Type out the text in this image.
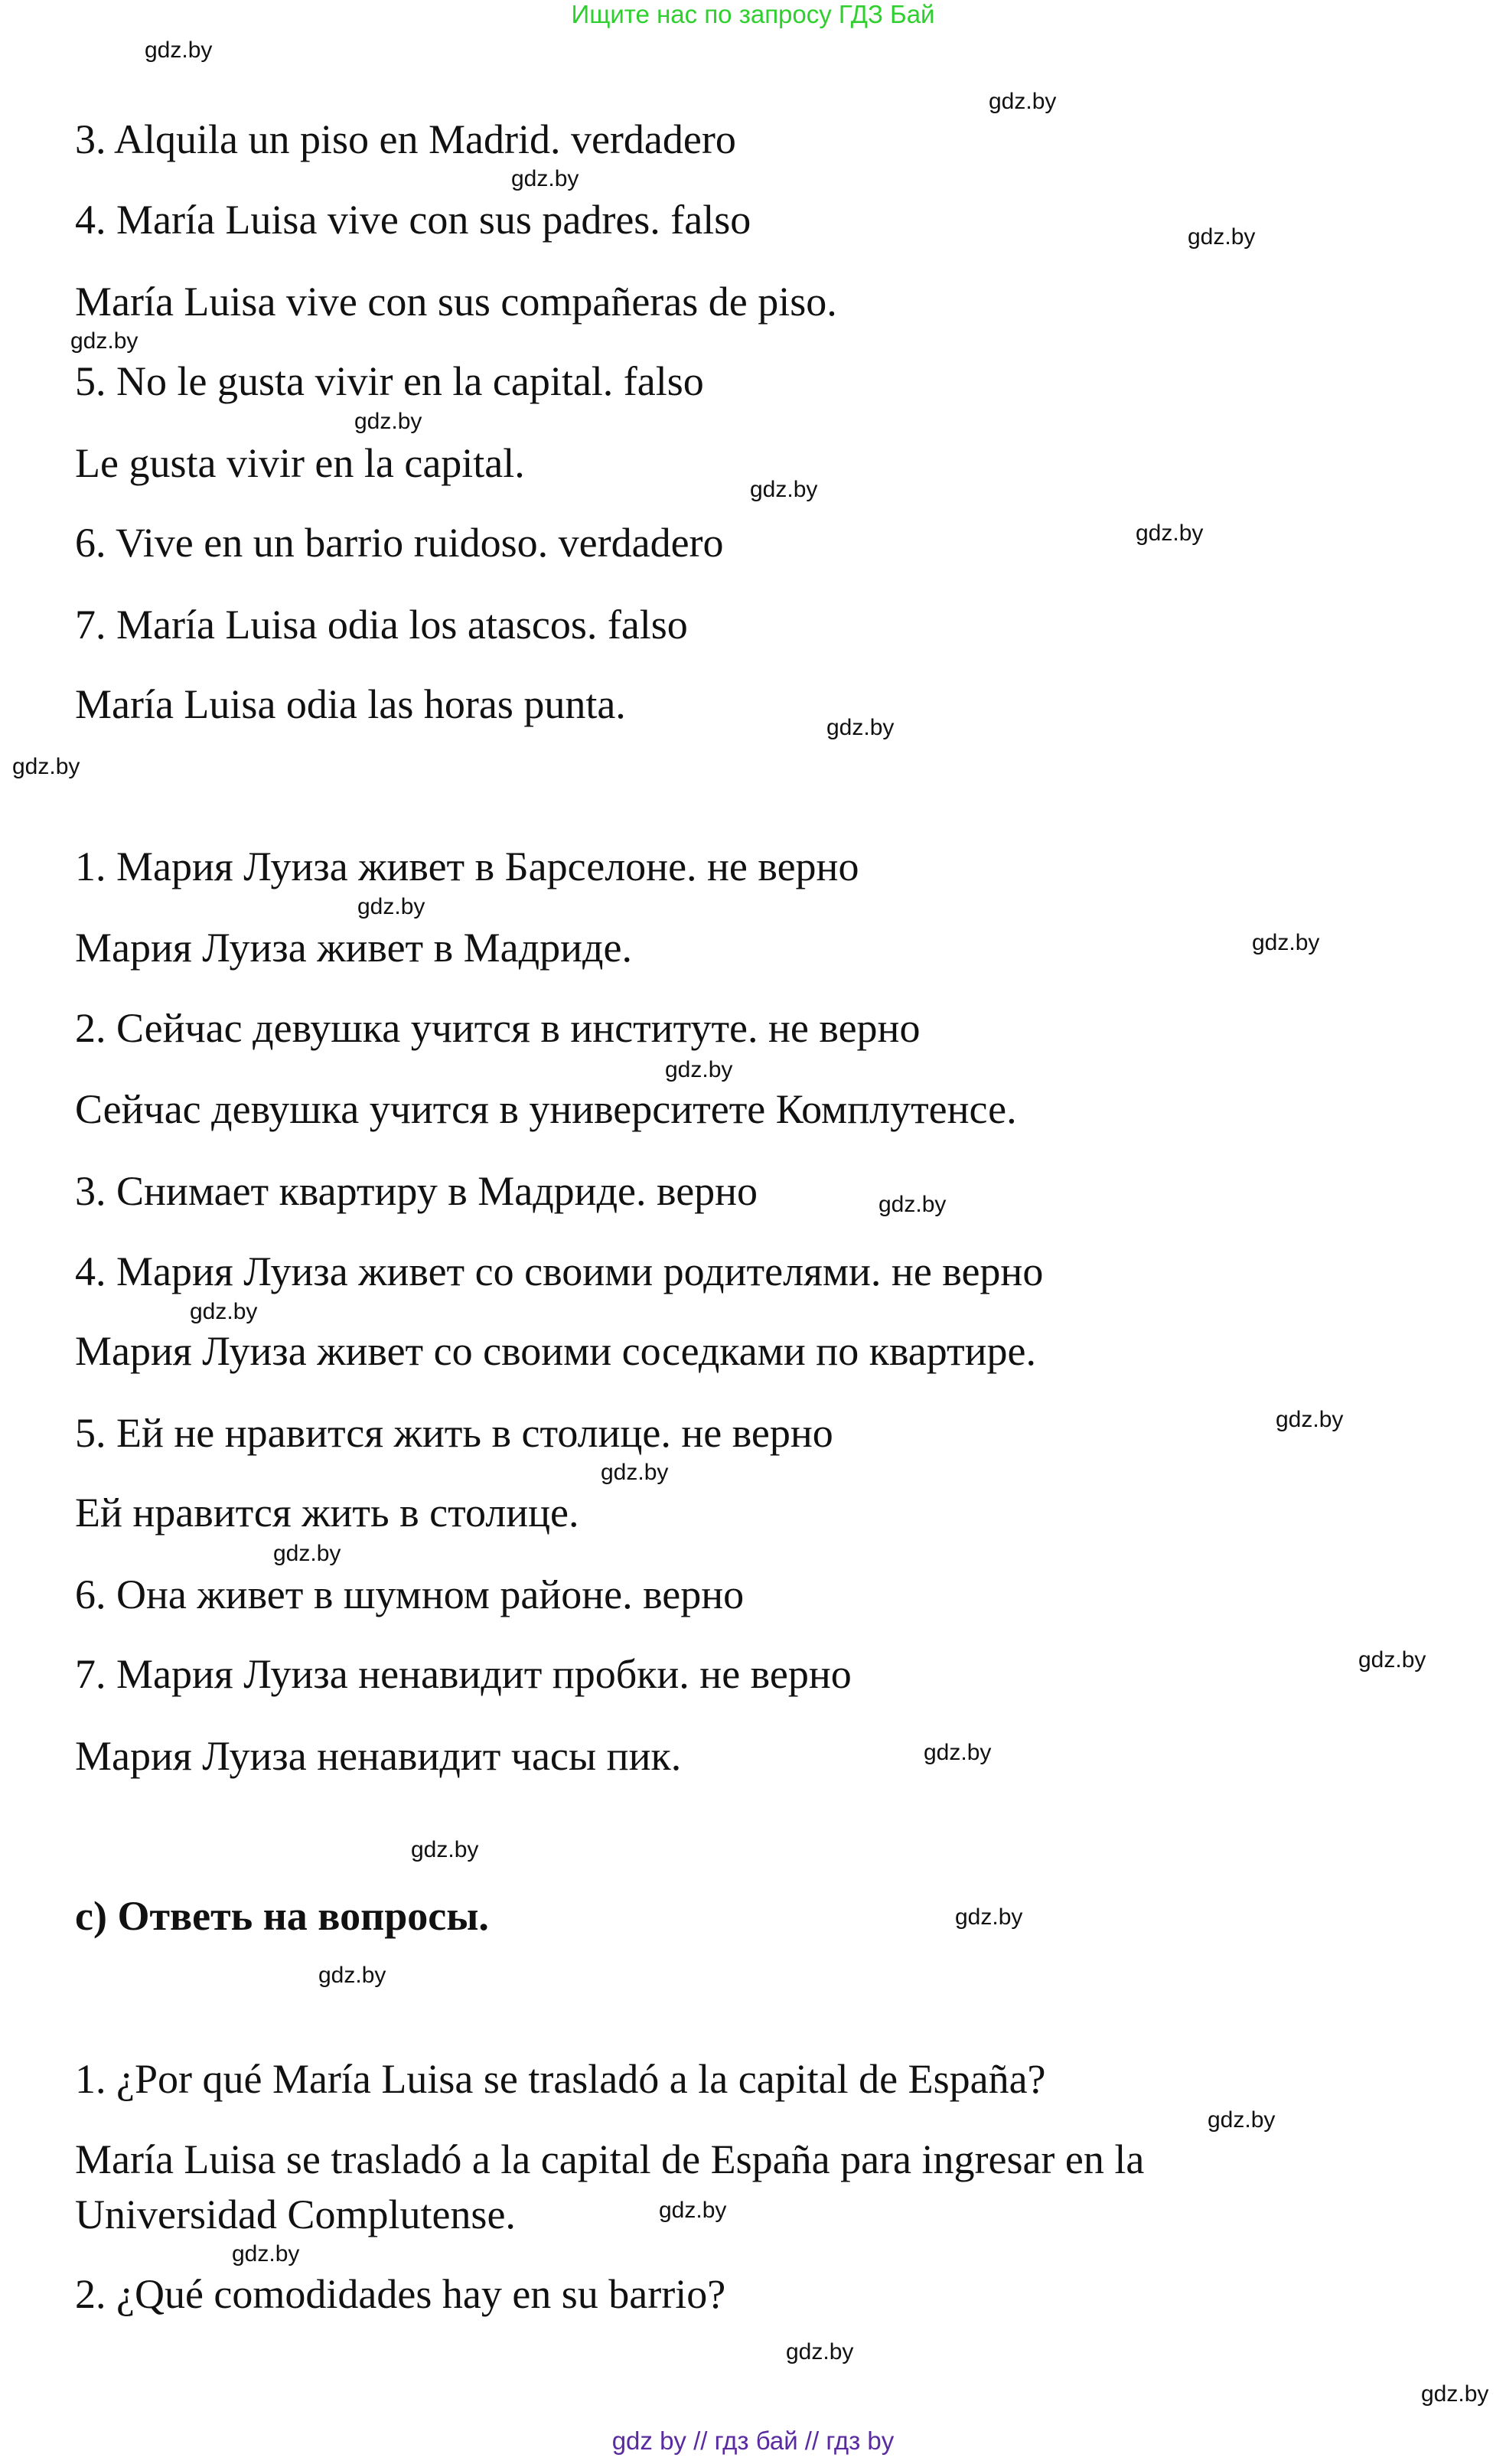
Ищите нас по запросу ГДЗ Бай
3. Alquila un piso en Madrid. verdadero
4. María Luisa vive con sus padres. falso
María Luisa vive con sus compañeras de piso.
5. No le gusta vivir en la capital. falso
Le gusta vivir en la capital.
6. Vive en un barrio ruidoso. verdadero
7. María Luisa odia los atascos. falso
María Luisa odia las horas punta.
1. Мария Луиза живет в Барселоне. не верно
Мария Луиза живет в Мадриде.
2. Сейчас девушка учится в институте. не верно
Сейчас девушка учится в университете Комплутенсе.
3. Снимает квартиру в Мадриде. верно
4. Мария Луиза живет со своими родителями. не верно
Мария Луиза живет со своими соседками по квартире.
5. Ей не нравится жить в столице. не верно
Ей нравится жить в столице.
6. Она живет в шумном районе. верно
7. Мария Луиза ненавидит пробки. не верно
Мария Луиза ненавидит часы пик.
c) Ответь на вопросы.
1. ¿Por qué María Luisa se trasladó a la capital de España?
María Luisa se trasladó a la capital de España para ingresar en la
Universidad Complutense.
2. ¿Qué comodidades hay en su barrio?
gdz.by
gdz.by
gdz.by
gdz.by
gdz.by
gdz.by
gdz.by
gdz.by
gdz.by
gdz.by
gdz.by
gdz.by
gdz.by
gdz.by
gdz.by
gdz.by
gdz.by
gdz.by
gdz.by
gdz.by
gdz.by
gdz.by
gdz.by
gdz.by
gdz.by
gdz.by
gdz.by
gdz.by
gdz by // гдз бай // гдз by
